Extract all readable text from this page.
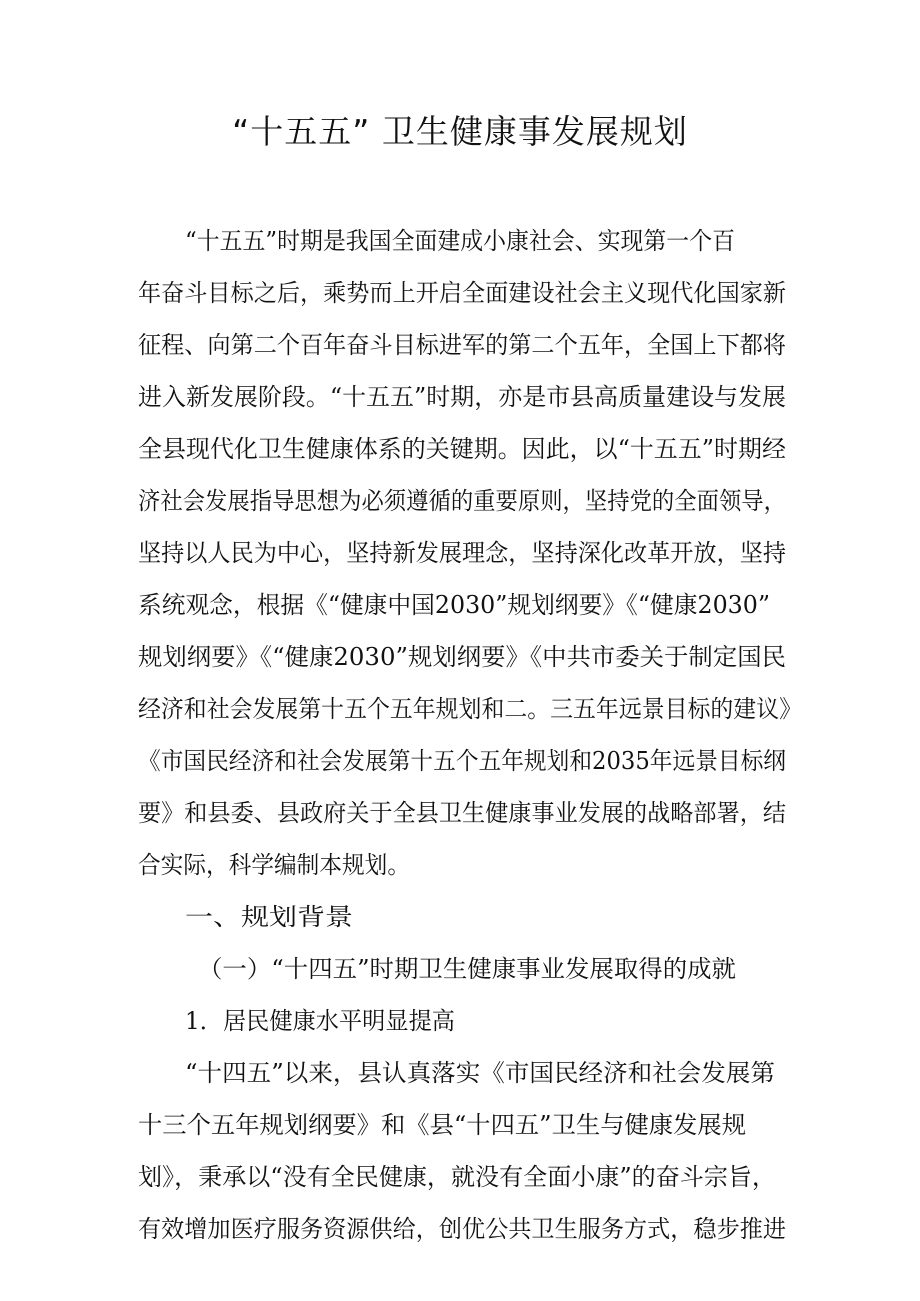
“十五五” 卫生健康事发展规划
“十五五”时期是我国全面建成小康社会、实现第一个百
年奋斗目标之后，乘势而上开启全面建设社会主义现代化国家新
征程、向第二个百年奋斗目标进军的第二个五年，全国上下都将
进入新发展阶段。“十五五”时期，亦是市县高质量建设与发展
全县现代化卫生健康体系的关键期。因此，以“十五五”时期经
济社会发展指导思想为必须遵循的重要原则，坚持党的全面领导，
坚持以人民为中心，坚持新发展理念，坚持深化改革开放，坚持
系统观念，根据《“健康中国2030”规划纲要》《“健康2030”
规划纲要》《“健康2030”规划纲要》《中共市委关于制定国民
经济和社会发展第十五个五年规划和二。三五年远景目标的建议》
《市国民经济和社会发展第十五个五年规划和2035年远景目标纲
要》和县委、县政府关于全县卫生健康事业发展的战略部署，结
合实际，科学编制本规划。
一、规划背景
（一）“十四五”时期卫生健康事业发展取得的成就
1．居民健康水平明显提高
“十四五”以来，县认真落实《市国民经济和社会发展第
十三个五年规划纲要》和《县“十四五”卫生与健康发展规
划》，秉承以“没有全民健康，就没有全面小康”的奋斗宗旨，
有效增加医疗服务资源供给，创优公共卫生服务方式，稳步推进
